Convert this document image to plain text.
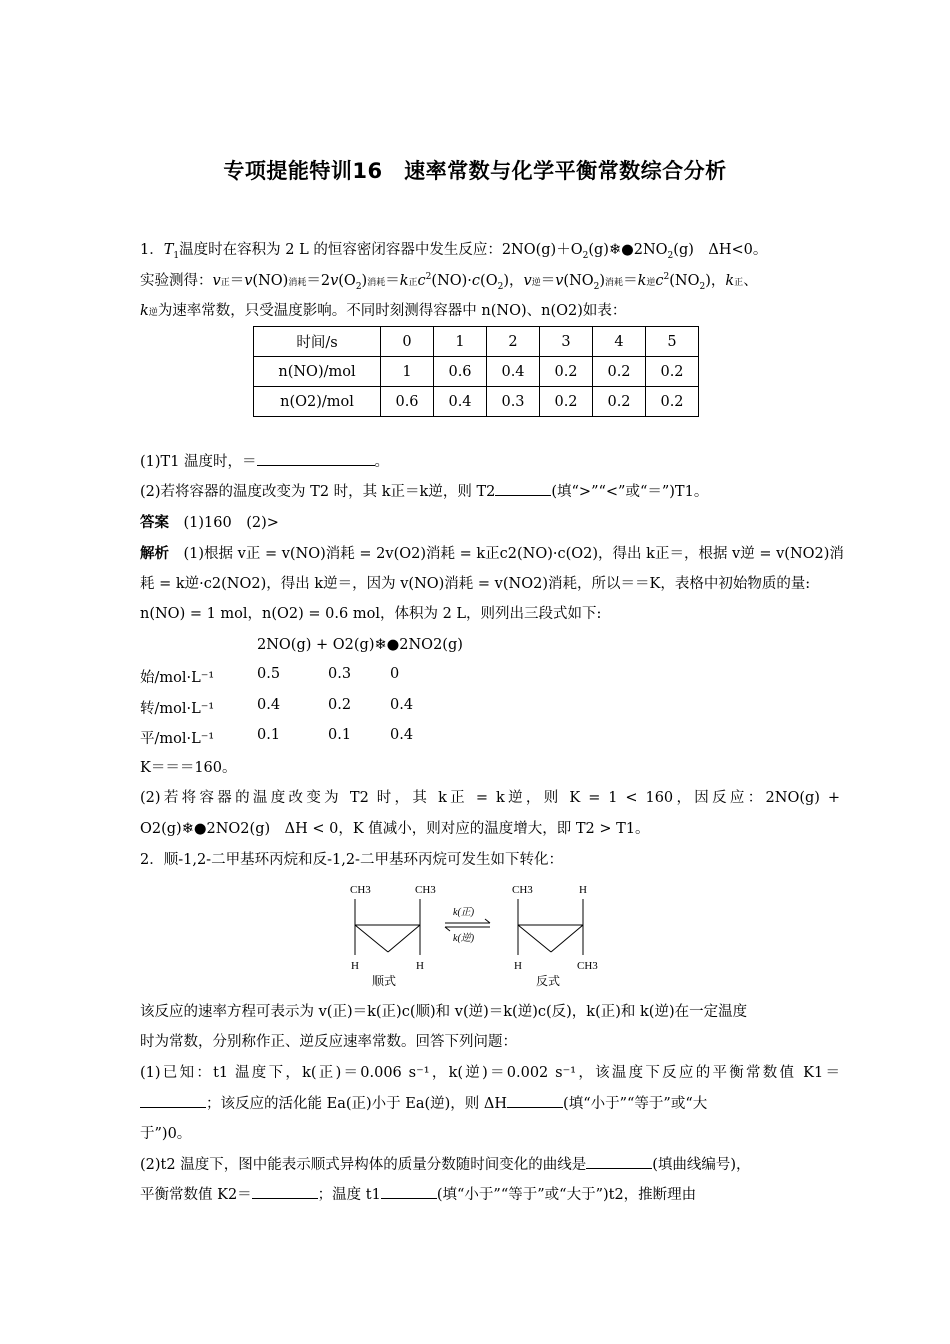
专项提能特训16　速率常数与化学平衡常数综合分析
1．$T_1$温度时在容积为 2 L 的恒容密闭容器中发生反应：$2NO(g)+O_2(g)❄●2NO_2(g)$　ΔH<0。
实验测得：v正＝v(NO)消耗$=2v(O_2)$消耗＝k正$c^2(NO)\cdot c(O_2)$，v逆$=v(NO_2)$消耗＝k逆$c^2(NO_2)$，k正、
k逆为速率常数，只受温度影响。不同时刻测得容器中 n(NO)、n(O2)如表：
时间/s	0	1	2	3	4	5
n(NO)/mol	1	0.6	0.4	0.2	0.2	0.2
n(O2)/mol	0.6	0.4	0.3	0.2	0.2	0.2
(1)T1 温度时，＝	。
(2)若将容器的温度改变为 T2 时，其 k正＝k逆，则 T2	(填“>”“<”或“＝”)T1。
答案　 (1)160　(2)>
解析　 (1)根据 v正 = v(NO)消耗 = 2v(O2)消耗 = k正c2(NO)·c(O2)，得出 k正＝，根据 v逆 = v(NO2)消
耗 = k逆·c2(NO2)，得出 k逆＝，因为 v(NO)消耗 = v(NO2)消耗，所以＝＝K，表格中初始物质的量:
n(NO) = 1 mol，n(O2) = 0.6 mol，体积为 2 L，则列出三段式如下:
2NO(g) + O2(g)❄●2NO2(g)
始/mol·L⁻¹	0.5	0.3	0
转/mol·L⁻¹	0.4	0.2	0.4
平/mol·L⁻¹	0.1	0.1	0.4
K＝＝＝160。
(2)若将容器的温度改变为 T2 时，其 k正 = k逆，则 K = 1 < 160，因反应：2NO(g) +
O2(g)❄●2NO2(g)　ΔH < 0，K 值减小，则对应的温度增大，即 T2 > T1。
2．顺-1,2-二甲基环丙烷和反-1,2-二甲基环丙烷可发生如下转化：
CH3	CH3
H	H
顺式
k(正)
k(逆)
CH3	H
H	CH3
反式
该反应的速率方程可表示为 v(正)＝k(正)c(顺)和 v(逆)＝k(逆)c(反)，k(正)和 k(逆)在一定温度
时为常数，分别称作正、逆反应速率常数。回答下列问题：
(1)已知：t1 温度下，k(正)＝0.006 s⁻¹，k(逆)＝0.002 s⁻¹，该温度下反应的平衡常数值 K1＝
；该反应的活化能 Ea(正)小于 Ea(逆)，则 ΔH	(填“小于”“等于”或“大
于”)0。
(2)t2 温度下，图中能表示顺式异构体的质量分数随时间变化的曲线是	(填曲线编号)，
平衡常数值 K2＝	；温度 t1	(填“小于”“等于”或“大于”)t2，推断理由
